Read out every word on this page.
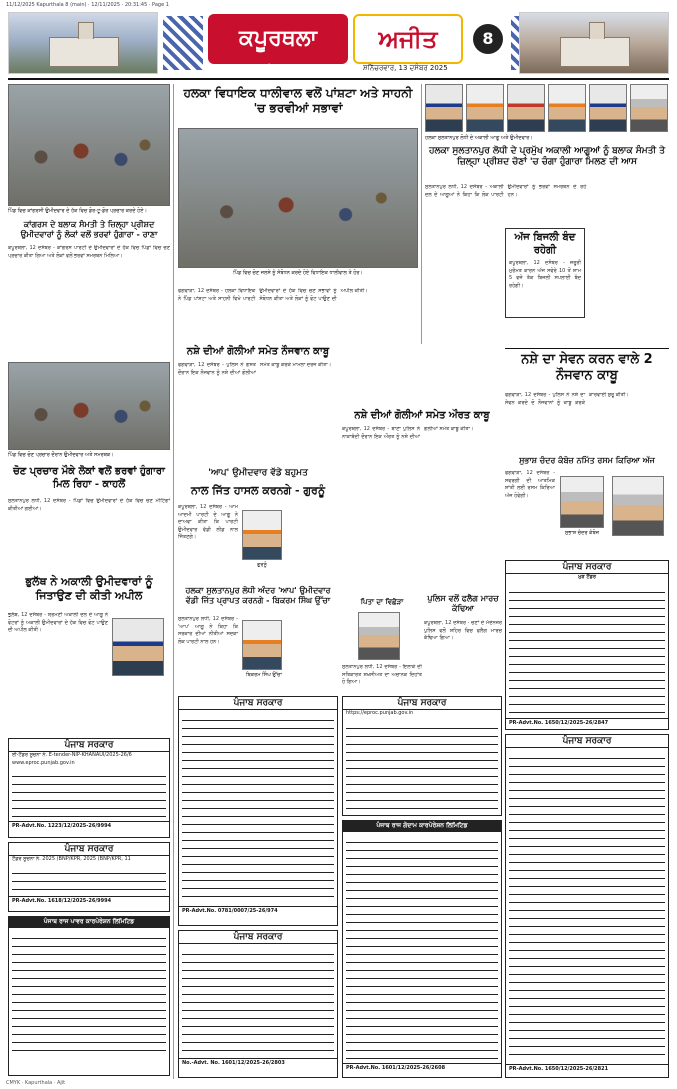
11/12/2025 Kapurthala 8 (main) · 12/11/2025 · 20:31:45 · Page 1
ਕਪੂਰਥਲਾ	ਅਜੀਤ
ਕਪੂਰਥਲਾ, ਜਲੰਧਰ	ਸ਼ਨਿੱਚਰਵਾਰ, 13 ਦਸੰਬਰ 2025
8
ਪਿੰਡ ਵਿਚ ਕਾਂਗਰਸੀ ਉਮੀਦਵਾਰ ਦੇ ਹੱਕ ਵਿਚ ਡੋਰ-ਟੂ-ਡੋਰ ਪ੍ਰਚਾਰ ਕਰਦੇ ਹੋਏ।
ਕਾਂਗਰਸ ਦੇ ਬਲਾਕ ਸੰਮਤੀ ਤੇ ਜ਼ਿਲ੍ਹਾ ਪ੍ਰੀਸ਼ਦ ਉਮੀਦਵਾਰਾਂ ਨੂੰ ਲੋਕਾਂ ਵਲੋਂ ਭਰਵਾਂ ਹੁੰਗਾਰਾ - ਰਾਣਾ
ਕਪੂਰਥਲਾ, 12 ਦਸੰਬਰ - ਕਾਂਗਰਸ ਪਾਰਟੀ ਦੇ ਉਮੀਦਵਾਰਾਂ ਦੇ ਹੱਕ ਵਿਚ ਪਿੰਡਾਂ ਵਿਚ ਚੋਣ ਪ੍ਰਚਾਰ ਕੀਤਾ ਗਿਆ ਅਤੇ ਲੋਕਾਂ ਵਲੋਂ ਭਰਵਾਂ ਸਮਰਥਨ ਮਿਲਿਆ।
ਪਿੰਡ ਵਿਚ ਚੋਣ ਪ੍ਰਚਾਰ ਦੌਰਾਨ ਉਮੀਦਵਾਰ ਅਤੇ ਸਮਰਥਕ।
ਚੋਣ ਪ੍ਰਚਾਰ ਮੌਕੇ ਲੋਕਾਂ ਵਲੋਂ ਭਰਵਾਂ ਹੁੰਗਾਰਾ ਮਿਲ ਰਿਹਾ - ਕਾਹਲੋਂ
ਸੁਲਤਾਨਪੁਰ ਲੋਧੀ, 12 ਦਸੰਬਰ - ਪਿੰਡਾਂ ਵਿਚ ਉਮੀਦਵਾਰਾਂ ਦੇ ਹੱਕ ਵਿਚ ਚੋਣ ਮੀਟਿੰਗਾਂ ਕੀਤੀਆਂ ਗਈਆਂ।
ਭੁਲੱਥ ਨੇ ਅਕਾਲੀ ਉਮੀਦਵਾਰਾਂ ਨੂੰ ਜਿਤਾਉਣ ਦੀ ਕੀਤੀ ਅਪੀਲ
ਭੁਲੱਥ, 12 ਦਸੰਬਰ - ਸ਼੍ਰੋਮਣੀ ਅਕਾਲੀ ਦਲ ਦੇ ਆਗੂ ਨੇ ਵੋਟਰਾਂ ਨੂੰ ਅਕਾਲੀ ਉਮੀਦਵਾਰਾਂ ਦੇ ਹੱਕ ਵਿਚ ਵੋਟ ਪਾਉਣ ਦੀ ਅਪੀਲ ਕੀਤੀ।
ਪੰਜਾਬ ਸਰਕਾਰ
ਈ-ਟੈਂਡਰ ਸੂਚਨਾ ਨੰ. E-tender-NIP-KHANAUI/2025-26/6
www.eproc.punjab.gov.in
PR-Advt.No. 1223/12/2025-26/9994
ਪੰਜਾਬ ਸਰਕਾਰ
ਟੈਂਡਰ ਸੂਚਨਾ ਨੰ. 2025 (BNP/KPR, 2025 (BNP/KPR, 11
PR-Advt.No. 1618/12/2025-26/9994
ਪੰਜਾਬ ਰਾਜ ਪਾਵਰ ਕਾਰਪੋਰੇਸ਼ਨ ਲਿਮਿਟਿਡ
ਹਲਕਾ ਵਿਧਾਇਕ ਧਾਲੀਵਾਲ ਵਲੋਂ ਪਾਂਸ਼ਟਾ ਅਤੇ ਸਾਹਨੀ 'ਚ ਭਰਵੀਆਂ ਸਭਾਵਾਂ
ਪਿੰਡ ਵਿਚ ਚੋਣ ਜਲਸੇ ਨੂੰ ਸੰਬੋਧਨ ਕਰਦੇ ਹੋਏ ਵਿਧਾਇਕ ਧਾਲੀਵਾਲ ਤੇ ਹੋਰ।
ਫਗਵਾੜਾ, 12 ਦਸੰਬਰ - ਹਲਕਾ ਵਿਧਾਇਕ ਨੇ ਪਿੰਡ ਪਾਂਸ਼ਟਾ ਅਤੇ ਸਾਹਨੀ ਵਿਖੇ ਪਾਰਟੀ ਉਮੀਦਵਾਰਾਂ ਦੇ ਹੱਕ ਵਿਚ ਚੋਣ ਸਭਾਵਾਂ ਨੂੰ ਸੰਬੋਧਨ ਕੀਤਾ ਅਤੇ ਲੋਕਾਂ ਨੂੰ ਵੋਟ ਪਾਉਣ ਦੀ ਅਪੀਲ ਕੀਤੀ।
ਨਸ਼ੇ ਦੀਆਂ ਗੋਲੀਆਂ ਸਮੇਤ ਨੌਜਵਾਨ ਕਾਬੂ
ਫਗਵਾੜਾ, 12 ਦਸੰਬਰ - ਪੁਲਿਸ ਨੇ ਗਸ਼ਤ ਦੌਰਾਨ ਇਕ ਨੌਜਵਾਨ ਨੂੰ ਨਸ਼ੇ ਦੀਆਂ ਗੋਲੀਆਂ ਸਮੇਤ ਕਾਬੂ ਕਰਕੇ ਮਾਮਲਾ ਦਰਜ ਕੀਤਾ।
ਨਸ਼ੇ ਦੀਆਂ ਗੋਲੀਆਂ ਸਮੇਤ ਔਰਤ ਕਾਬੂ
ਕਪੂਰਥਲਾ, 12 ਦਸੰਬਰ - ਥਾਣਾ ਪੁਲਿਸ ਨੇ ਨਾਕਾਬੰਦੀ ਦੌਰਾਨ ਇਕ ਔਰਤ ਨੂੰ ਨਸ਼ੇ ਦੀਆਂ ਗੋਲੀਆਂ ਸਮੇਤ ਕਾਬੂ ਕੀਤਾ।
'ਆਪ' ਉਮੀਦਵਾਰ ਵੱਡੇ ਬਹੁਮਤ
ਨਾਲ ਜਿੱਤ ਹਾਸਲ ਕਰਨਗੇ - ਗੁਰਨੂੰ
ਕਪੂਰਥਲਾ, 12 ਦਸੰਬਰ - ਆਮ ਆਦਮੀ ਪਾਰਟੀ ਦੇ ਆਗੂ ਨੇ ਦਾਅਵਾ ਕੀਤਾ ਕਿ ਪਾਰਟੀ ਉਮੀਦਵਾਰ ਵੱਡੀ ਲੀਡ ਨਾਲ ਜਿੱਤਣਗੇ।
ਗੁਰਨੂੰ
ਹਲਕਾ ਸੁਲਤਾਨਪੁਰ ਲੋਧੀ ਅੰਦਰ 'ਆਪ' ਉਮੀਦਵਾਰ ਵੱਡੀ ਜਿੱਤ ਪ੍ਰਾਪਤ ਕਰਨਗੇ - ਬਿਕਰਮ ਸਿੰਘ ਉੱਚਾ
ਸੁਲਤਾਨਪੁਰ ਲੋਧੀ, 12 ਦਸੰਬਰ - 'ਆਪ' ਆਗੂ ਨੇ ਕਿਹਾ ਕਿ ਸਰਕਾਰ ਦੀਆਂ ਨੀਤੀਆਂ ਸਦਕਾ ਲੋਕ ਪਾਰਟੀ ਨਾਲ ਹਨ।
ਬਿਕਰਮ ਸਿੰਘ ਉੱਚਾ
ਪਿਤਾ ਦਾ ਵਿਛੋੜਾ
ਸੁਲਤਾਨਪੁਰ ਲੋਧੀ, 12 ਦਸੰਬਰ - ਇਲਾਕੇ ਦੀ ਸਤਿਕਾਰਤ ਸ਼ਖ਼ਸੀਅਤ ਦਾ ਅਚਾਨਕ ਦਿਹਾਂਤ ਹੋ ਗਿਆ।
ਪੁਲਿਸ ਵਲੋਂ ਫਲੈਗ ਮਾਰਚ ਕੱਢਿਆ
ਕਪੂਰਥਲਾ, 12 ਦਸੰਬਰ - ਚੋਣਾਂ ਦੇ ਮੱਦੇਨਜ਼ਰ ਪੁਲਿਸ ਵਲੋਂ ਸ਼ਹਿਰ ਵਿਚ ਫਲੈਗ ਮਾਰਚ ਕੱਢਿਆ ਗਿਆ।
ਪੰਜਾਬ ਸਰਕਾਰ
PR-Advt.No. 0781/0007/25-26/974
ਪੰਜਾਬ ਸਰਕਾਰ
No.-Advt. No. 1601/12/2025-26/2803
ਪੰਜਾਬ ਸਰਕਾਰ
https://eproc.punjab.gov.in
ਪੰਜਾਬ ਰਾਜ ਗੋਦਾਮ ਕਾਰਪੋਰੇਸ਼ਨ ਲਿਮਿਟਿਡ
PR-Advt.No. 1601/12/2025-26/2608
ਹਲਕਾ ਸੁਲਤਾਨਪੁਰ ਲੋਧੀ ਦੇ ਅਕਾਲੀ ਆਗੂ ਅਤੇ ਉਮੀਦਵਾਰ।
ਹਲਕਾ ਸੁਲਤਾਨਪੁਰ ਲੋਧੀ ਦੇ ਪ੍ਰਮੁੱਖ ਅਕਾਲੀ ਆਗੂਆਂ ਨੂੰ ਬਲਾਕ ਸੰਮਤੀ ਤੇ ਜ਼ਿਲ੍ਹਾ ਪ੍ਰੀਸ਼ਦ ਚੋਣਾਂ 'ਚ ਚੰਗਾ ਹੁੰਗਾਰਾ ਮਿਲਣ ਦੀ ਆਸ
ਸੁਲਤਾਨਪੁਰ ਲੋਧੀ, 12 ਦਸੰਬਰ - ਅਕਾਲੀ ਦਲ ਦੇ ਆਗੂਆਂ ਨੇ ਕਿਹਾ ਕਿ ਲੋਕ ਪਾਰਟੀ ਉਮੀਦਵਾਰਾਂ ਨੂੰ ਭਰਵਾਂ ਸਮਰਥਨ ਦੇ ਰਹੇ ਹਨ।
ਅੱਜ ਬਿਜਲੀ ਬੰਦ ਰਹੇਗੀ
ਕਪੂਰਥਲਾ, 12 ਦਸੰਬਰ - ਜ਼ਰੂਰੀ ਮੁਰੰਮਤ ਕਾਰਨ ਅੱਜ ਸਵੇਰੇ 10 ਤੋਂ ਸ਼ਾਮ 5 ਵਜੇ ਤੱਕ ਬਿਜਲੀ ਸਪਲਾਈ ਬੰਦ ਰਹੇਗੀ।
ਨਸ਼ੇ ਦਾ ਸੇਵਨ ਕਰਨ ਵਾਲੇ 2 ਨੌਜਵਾਨ ਕਾਬੂ
ਫਗਵਾੜਾ, 12 ਦਸੰਬਰ - ਪੁਲਿਸ ਨੇ ਨਸ਼ੇ ਦਾ ਸੇਵਨ ਕਰਦੇ ਦੋ ਨੌਜਵਾਨਾਂ ਨੂੰ ਕਾਬੂ ਕਰਕੇ ਕਾਰਵਾਈ ਸ਼ੁਰੂ ਕੀਤੀ।
ਸੁਭਾਸ਼ ਚੰਦਰ ਕੰਬੋਜ਼ ਨਮਿੱਤ ਰਸਮ ਕਿਰਿਆ ਅੱਜ
ਫਗਵਾੜਾ, 12 ਦਸੰਬਰ - ਸਵਰਗੀ ਦੀ ਆਤਮਿਕ ਸ਼ਾਂਤੀ ਲਈ ਰਸਮ ਕਿਰਿਆ ਅੱਜ ਹੋਵੇਗੀ।
ਸੁਭਾਸ਼ ਚੰਦਰ ਕੰਬੋਜ਼
ਪੰਜਾਬ ਸਰਕਾਰ
ਮੁੜ ਟੈਂਡਰ
PR-Advt.No. 1650/12/2025-26/2847
ਪੰਜਾਬ ਸਰਕਾਰ
PR-Advt.No. 1650/12/2025-26/2821
CMYK · Kapurthala · Ajit
